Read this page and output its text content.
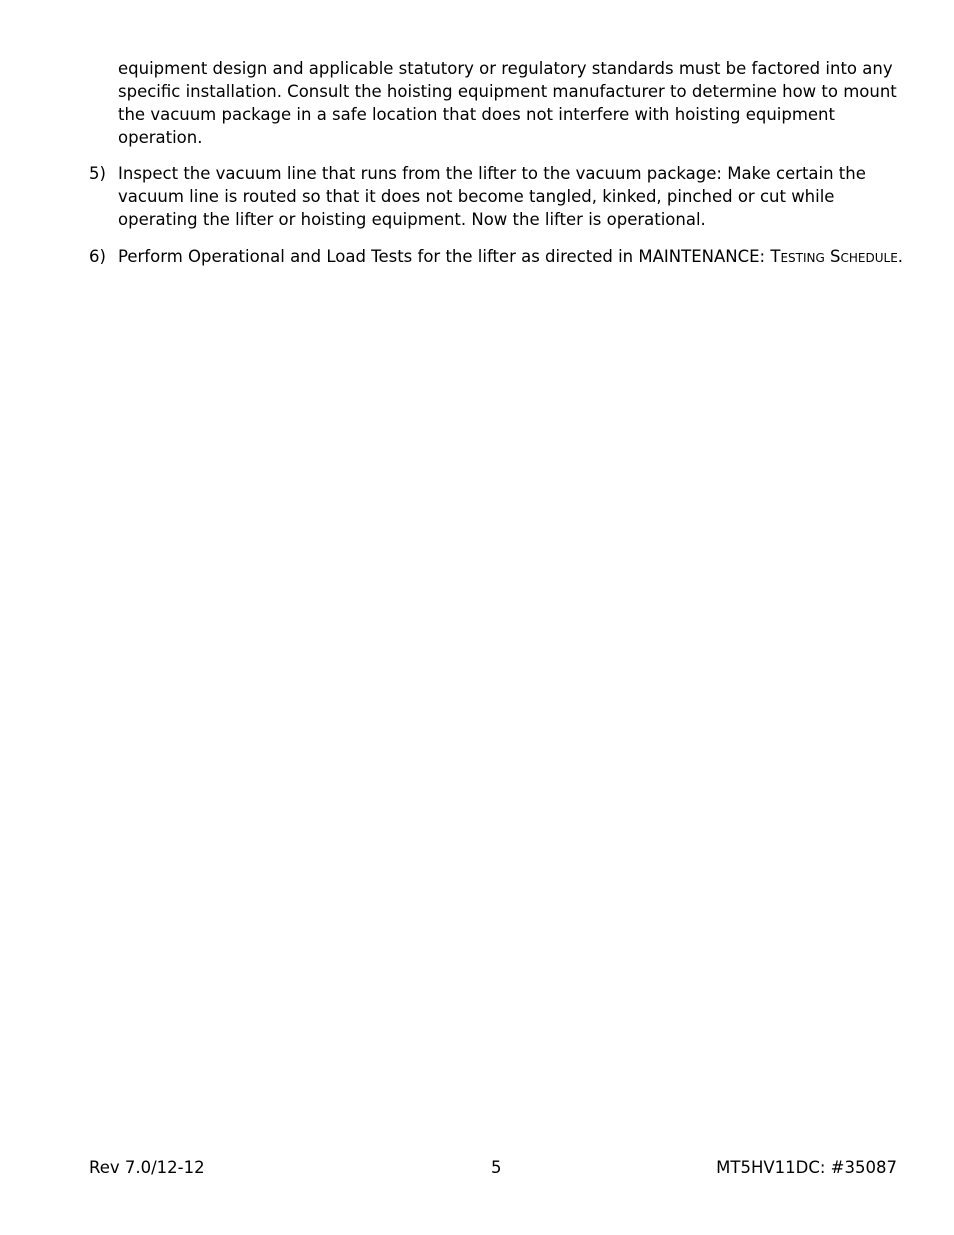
equipment design and applicable statutory or regulatory standards must be factored into any specific installation. Consult the hoisting equipment manufacturer to determine how to mount the vacuum package in a safe location that does not interfere with hoisting equipment operation.

5) Inspect the vacuum line that runs from the lifter to the vacuum package: Make certain the vacuum line is routed so that it does not become tangled, kinked, pinched or cut while operating the lifter or hoisting equipment. Now the lifter is operational.

6) Perform Operational and Load Tests for the lifter as directed in MAINTENANCE: Testing Schedule.

Rev 7.0/12-12	5	MT5HV11DC: #35087
